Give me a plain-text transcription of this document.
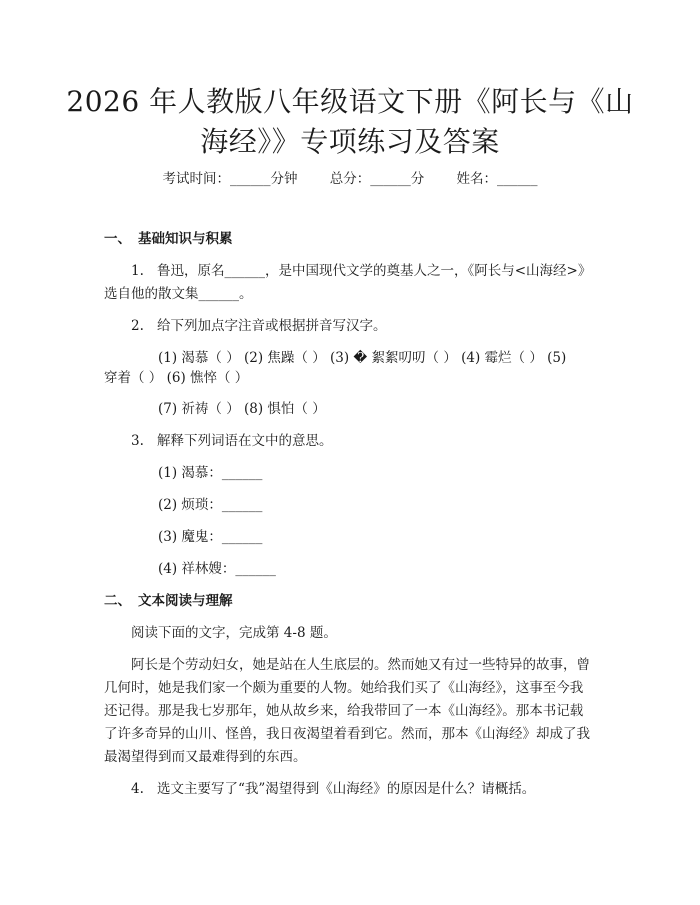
2026 年人教版八年级语文下册《阿长与《山
海经》》专项练习及答案
考试时间：______分钟 总分：______分 姓名：______
一、 基础知识与积累
1. 鲁迅，原名______，是中国现代文学的奠基人之一，《阿长与<山海经>》
选自他的散文集______。
2. 给下列加点字注音或根据拼音写汉字。
(1) 渴慕（ ） (2) 焦躁（ ） (3) � 絮絮叨叨（ ） (4) 霉烂（ ） (5)
穿着（ ） (6) 憔悴（ ）
(7) 祈祷（ ） (8) 惧怕（ ）
3. 解释下列词语在文中的意思。
(1) 渴慕：______
(2) 烦琐：______
(3) 魔鬼：______
(4) 祥林嫂：______
二、 文本阅读与理解
阅读下面的文字，完成第 4-8 题。
阿长是个劳动妇女，她是站在人生底层的。然而她又有过一些特异的故事，曾
几何时，她是我们家一个颇为重要的人物。她给我们买了《山海经》，这事至今我
还记得。那是我七岁那年，她从故乡来，给我带回了一本《山海经》。那本书记载
了许多奇异的山川、怪兽，我日夜渴望着看到它。然而，那本《山海经》却成了我
最渴望得到而又最难得到的东西。
4. 选文主要写了“我”渴望得到《山海经》的原因是什么？请概括。
